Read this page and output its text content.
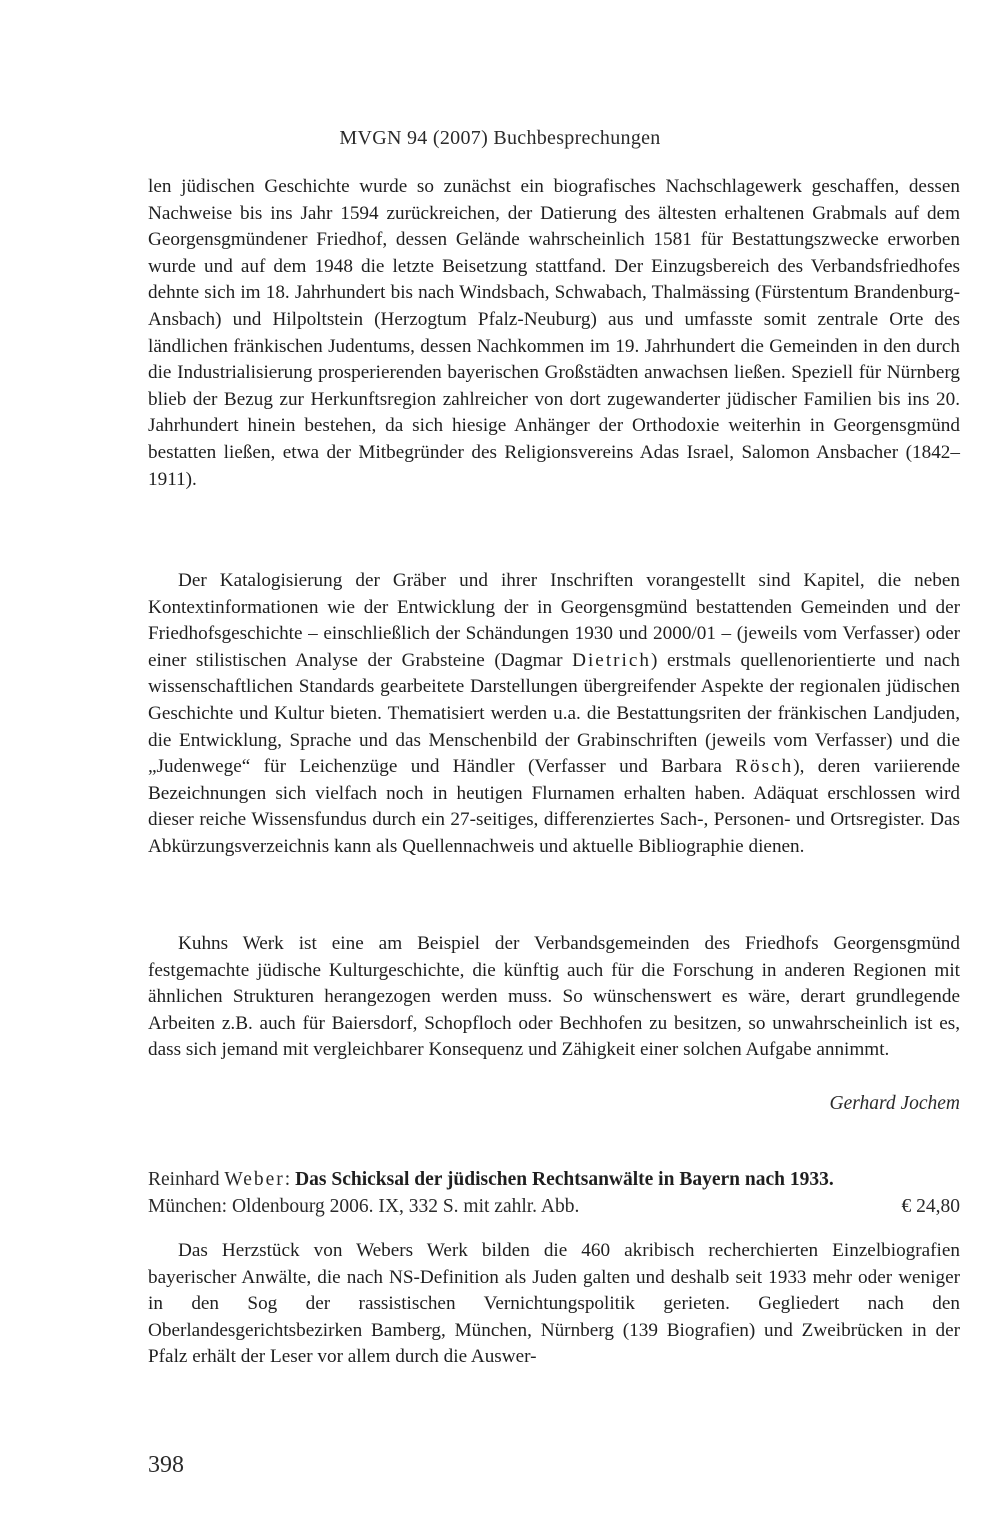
MVGN 94 (2007) Buchbesprechungen

len jüdischen Geschichte wurde so zunächst ein biografisches Nachschlagewerk geschaffen, dessen Nachweise bis ins Jahr 1594 zurückreichen, der Datierung des ältesten erhaltenen Grabmals auf dem Georgensgmündener Friedhof, dessen Gelände wahrscheinlich 1581 für Bestattungszwecke erworben wurde und auf dem 1948 die letzte Beisetzung stattfand. Der Einzugsbereich des Verbandsfriedhofes dehnte sich im 18. Jahrhundert bis nach Windsbach, Schwabach, Thalmässing (Fürstentum Brandenburg-Ansbach) und Hilpoltstein (Herzogtum Pfalz-Neuburg) aus und umfasste somit zentrale Orte des ländlichen fränkischen Judentums, dessen Nachkommen im 19. Jahrhundert die Gemeinden in den durch die Industrialisierung prosperierenden bayerischen Großstädten anwachsen ließen. Speziell für Nürnberg blieb der Bezug zur Herkunftsregion zahlreicher von dort zugewanderter jüdischer Familien bis ins 20. Jahrhundert hinein bestehen, da sich hiesige Anhänger der Orthodoxie weiterhin in Georgensgmünd bestatten ließen, etwa der Mitbegründer des Religionsvereins Adas Israel, Salomon Ansbacher (1842–1911).

Der Katalogisierung der Gräber und ihrer Inschriften vorangestellt sind Kapitel, die neben Kontextinformationen wie der Entwicklung der in Georgensgmünd bestattenden Gemeinden und der Friedhofsgeschichte – einschließlich der Schändungen 1930 und 2000/01 – (jeweils vom Verfasser) oder einer stilistischen Analyse der Grabsteine (Dagmar Dietrich) erstmals quellenorientierte und nach wissenschaftlichen Standards gearbeitete Darstellungen übergreifender Aspekte der regionalen jüdischen Geschichte und Kultur bieten. Thematisiert werden u.a. die Bestattungsriten der fränkischen Landjuden, die Entwicklung, Sprache und das Menschenbild der Grabinschriften (jeweils vom Verfasser) und die „Judenwege“ für Leichenzüge und Händler (Verfasser und Barbara Rösch), deren variierende Bezeichnungen sich vielfach noch in heutigen Flurnamen erhalten haben. Adäquat erschlossen wird dieser reiche Wissensfundus durch ein 27-seitiges, differenziertes Sach-, Personen- und Ortsregister. Das Abkürzungsverzeichnis kann als Quellennachweis und aktuelle Bibliographie dienen.

Kuhns Werk ist eine am Beispiel der Verbandsgemeinden des Friedhofs Georgensgmünd festgemachte jüdische Kulturgeschichte, die künftig auch für die Forschung in anderen Regionen mit ähnlichen Strukturen herangezogen werden muss. So wünschenswert es wäre, derart grundlegende Arbeiten z.B. auch für Baiersdorf, Schopfloch oder Bechhofen zu besitzen, so unwahrscheinlich ist es, dass sich jemand mit vergleichbarer Konsequenz und Zähigkeit einer solchen Aufgabe annimmt.

Gerhard Jochem
Reinhard Weber: Das Schicksal der jüdischen Rechtsanwälte in Bayern nach 1933.
München: Oldenbourg 2006. IX, 332 S. mit zahlr. Abb.	€ 24,80

Das Herzstück von Webers Werk bilden die 460 akribisch recherchierten Einzelbiografien bayerischer Anwälte, die nach NS-Definition als Juden galten und deshalb seit 1933 mehr oder weniger in den Sog der rassistischen Vernichtungspolitik gerieten. Gegliedert nach den Oberlandesgerichtsbezirken Bamberg, München, Nürnberg (139 Biografien) und Zweibrücken in der Pfalz erhält der Leser vor allem durch die Auswer-

398
